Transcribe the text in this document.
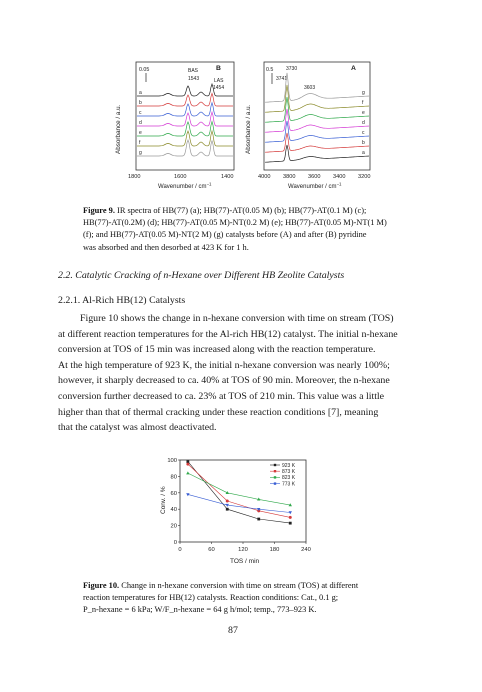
Absorbance / a.u.
0.05	B
BAS
1543	LAS
1454
a
b
c
d
e
f
g
1800	1600	1400
Wavenumber / $cm^{-1}$
Absorbance / a.u.
0.5	A
3730
3741
3603
g
f
e
d
c
b
a
4000 3800 3600 3400 3200
Wavenumber / $cm^{-1}$
Figure 9. IR spectra of HB(77) (a); HB(77)-AT(0.05 M) (b); HB(77)-AT(0.1 M) (c);
HB(77)-AT(0.2M) (d); HB(77)-AT(0.05 M)-NT(0.2 M) (e); HB(77)-AT(0.05 M)-NT(1 M)
(f); and HB(77)-AT(0.05 M)-NT(2 M) (g) catalysts before (A) and after (B) pyridine
was absorbed and then desorbed at 423 K for 1 h.
2.2. Catalytic Cracking of n-Hexane over Different HB Zeolite Catalysts
2.2.1. Al-Rich HB(12) Catalysts
Figure 10 shows the change in n-hexane conversion with time on stream (TOS)
at different reaction temperatures for the Al-rich HB(12) catalyst. The initial n-hexane
conversion at TOS of 15 min was increased along with the reaction temperature.
At the high temperature of 923 K, the initial n-hexane conversion was nearly 100%;
however, it sharply decreased to ca. 40% at TOS of 90 min. Moreover, the n-hexane
conversion further decreased to ca. 23% at TOS of 210 min. This value was a little
higher than that of thermal cracking under these reaction conditions [7], meaning
that the catalyst was almost deactivated.
0	60	120	180	240
0
20
40
60
80
100
923 K
873 K
823 K
773 K
Conv. / %
TOS / min
Figure 10. Change in n-hexane conversion with time on stream (TOS) at different
reaction temperatures for HB(12) catalysts. Reaction conditions: Cat., 0.1 g;
P_n-hexane = 6 kPa; W/F_n-hexane = 64 g h/mol; temp., 773–923 K.
87
